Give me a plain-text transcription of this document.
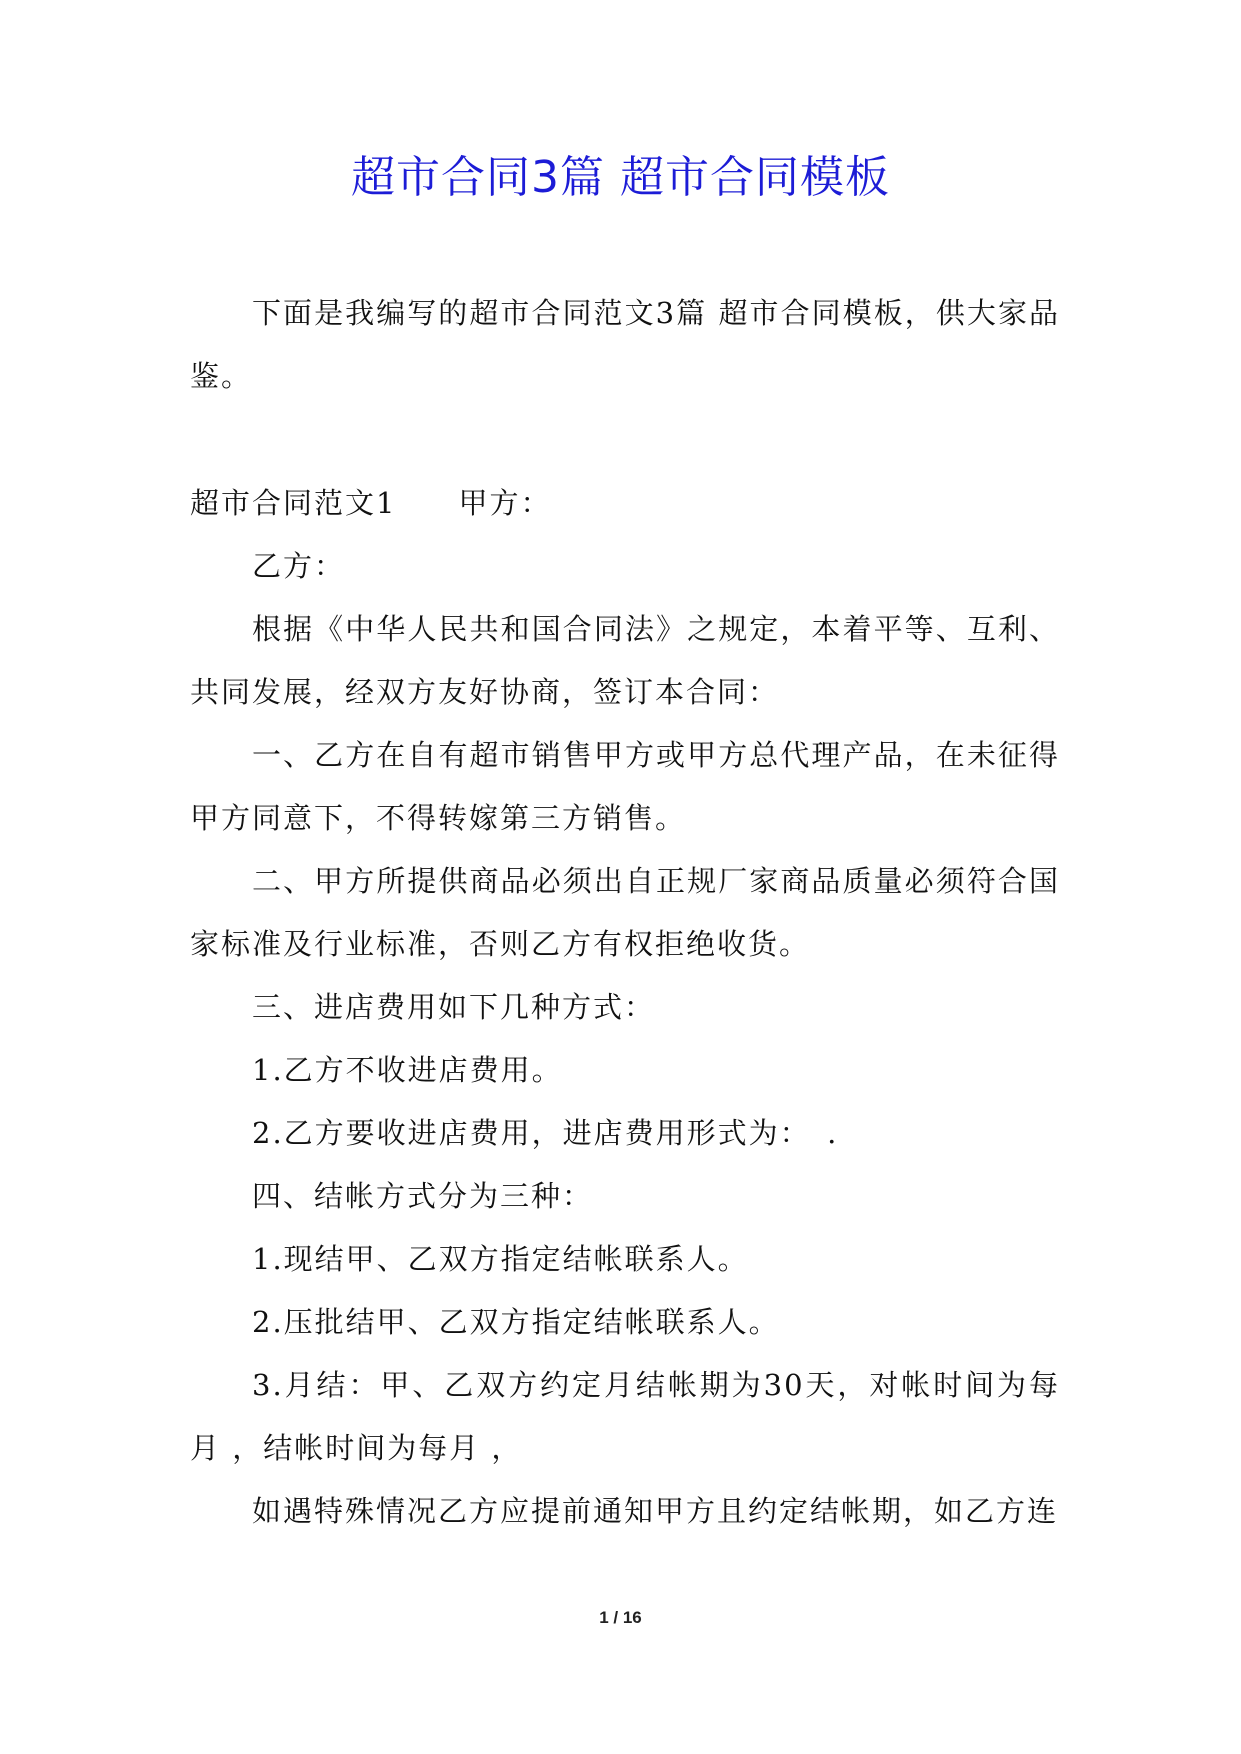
超市合同3篇 超市合同模板

下面是我编写的超市合同范文3篇 超市合同模板，供大家品鉴。

超市合同范文1　　甲方：

乙方：

根据《中华人民共和国合同法》之规定，本着平等、互利、共同发展，经双方友好协商，签订本合同：

一、乙方在自有超市销售甲方或甲方总代理产品，在未征得甲方同意下，不得转嫁第三方销售。

二、甲方所提供商品必须出自正规厂家商品质量必须符合国家标准及行业标准，否则乙方有权拒绝收货。

三、进店费用如下几种方式：

1.乙方不收进店费用。

2.乙方要收进店费用，进店费用形式为：　.

四、结帐方式分为三种：

1.现结甲、乙双方指定结帐联系人。

2.压批结甲、乙双方指定结帐联系人。

3.月结：甲、乙双方约定月结帐期为30天，对帐时间为每月 ，结帐时间为每月 ，

如遇特殊情况乙方应提前通知甲方且约定结帐期，如乙方连

1 / 16
